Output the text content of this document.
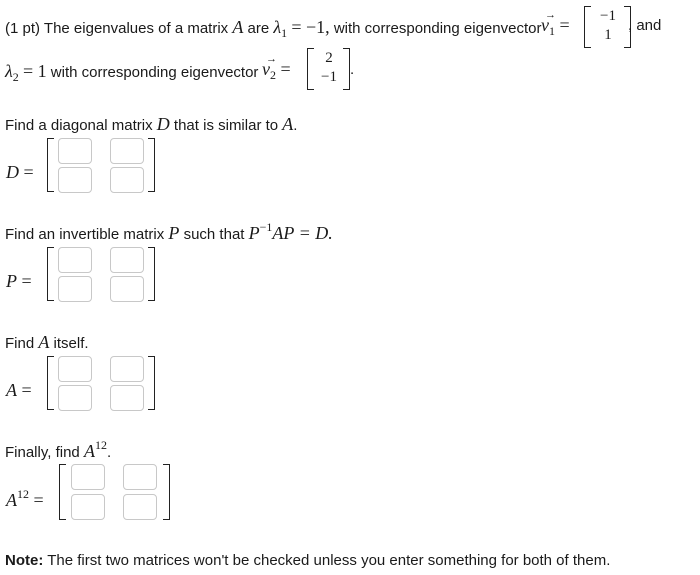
(1 pt) The eigenvalues of a matrix A are $\lambda_1 = -1$, with corresponding eigenvector
→
$v_1 = -1$
1
, and
$\lambda_2 = 1$ with corresponding eigenvector
→
$v_2$ =
2
−1 .
Find a diagonal matrix D that is similar to A.
D =
Find an invertible matrix P such that $P^{-1}AP = D$.
P =
Find A itself.
A =
Finally, find $A^{12}$.
$A^{12}$ =
Note: The first two matrices won't be checked unless you enter something for both of them.
